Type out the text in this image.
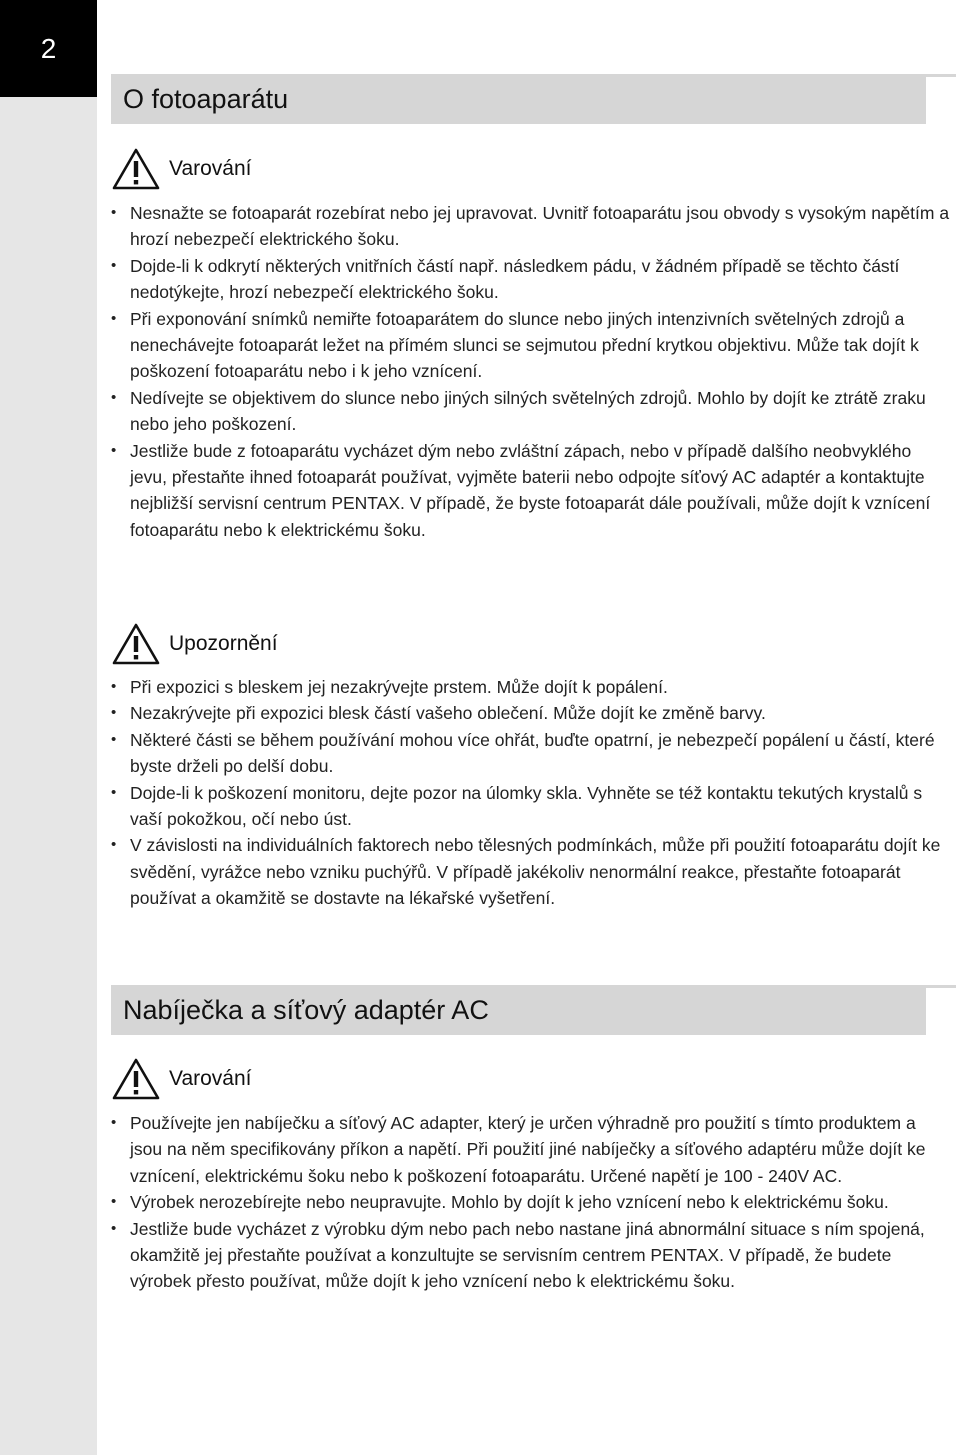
2
O fotoaparátu
Varování
• Nesnažte se fotoaparát rozebírat nebo jej upravovat. Uvnitř fotoaparátu jsou obvody s vysokým napětím a hrozí nebezpečí elektrického šoku.
• Dojde-li k odkrytí některých vnitřních částí např. následkem pádu, v žádném případě se těchto částí nedotýkejte, hrozí nebezpečí elektrického šoku.
• Při exponování snímků nemiřte fotoaparátem do slunce nebo jiných intenzivních světelných zdrojů a nenechávejte fotoaparát ležet na přímém slunci se sejmutou přední krytkou objektivu. Může tak dojít k poškození fotoaparátu nebo i k jeho vznícení.
• Nedívejte se objektivem do slunce nebo jiných silných světelných zdrojů. Mohlo by dojít ke ztrátě zraku nebo jeho poškození.
• Jestliže bude z fotoaparátu vycházet dým nebo zvláštní zápach, nebo v případě dalšího neobvyklého jevu, přestaňte ihned fotoaparát používat, vyjměte baterii nebo odpojte síťový AC adaptér a kontaktujte nejbližší servisní centrum PENTAX. V případě, že byste fotoaparát dále používali, může dojít k vznícení fotoaparátu nebo k elektrickému šoku.
Upozornění
• Při expozici s bleskem jej nezakrývejte prstem. Může dojít k popálení.
• Nezakrývejte při expozici blesk částí vašeho oblečení. Může dojít ke změně barvy.
• Některé části se během používání mohou více ohřát, buďte opatrní, je nebezpečí popálení u částí, které byste drželi po delší dobu.
• Dojde-li k poškození monitoru, dejte pozor na úlomky skla. Vyhněte se též kontaktu tekutých krystalů s vaší pokožkou, očí nebo úst.
• V závislosti na individuálních faktorech nebo tělesných podmínkách, může při použití fotoaparátu dojít ke svědění, vyrážce nebo vzniku puchýřů. V případě jakékoliv nenormální reakce, přestaňte fotoaparát používat a okamžitě se dostavte na lékařské vyšetření.
Nabíječka a síťový adaptér AC
Varování
• Používejte jen nabíječku a síťový AC adapter, který je určen výhradně pro použití s tímto produktem a jsou na něm specifikovány příkon a napětí. Při použití jiné nabíječky a síťového adaptéru může dojít ke vznícení, elektrickému šoku nebo k poškození fotoaparátu. Určené napětí je 100 - 240V AC.
• Výrobek nerozebírejte nebo neupravujte. Mohlo by dojít k jeho vznícení nebo k elektrickému šoku.
• Jestliže bude vycházet z výrobku dým nebo pach nebo nastane jiná abnormální situace s ním spojená, okamžitě jej přestaňte používat a konzultujte se servisním centrem PENTAX. V případě, že budete výrobek přesto používat, může dojít k jeho vznícení nebo k elektrickému šoku.
